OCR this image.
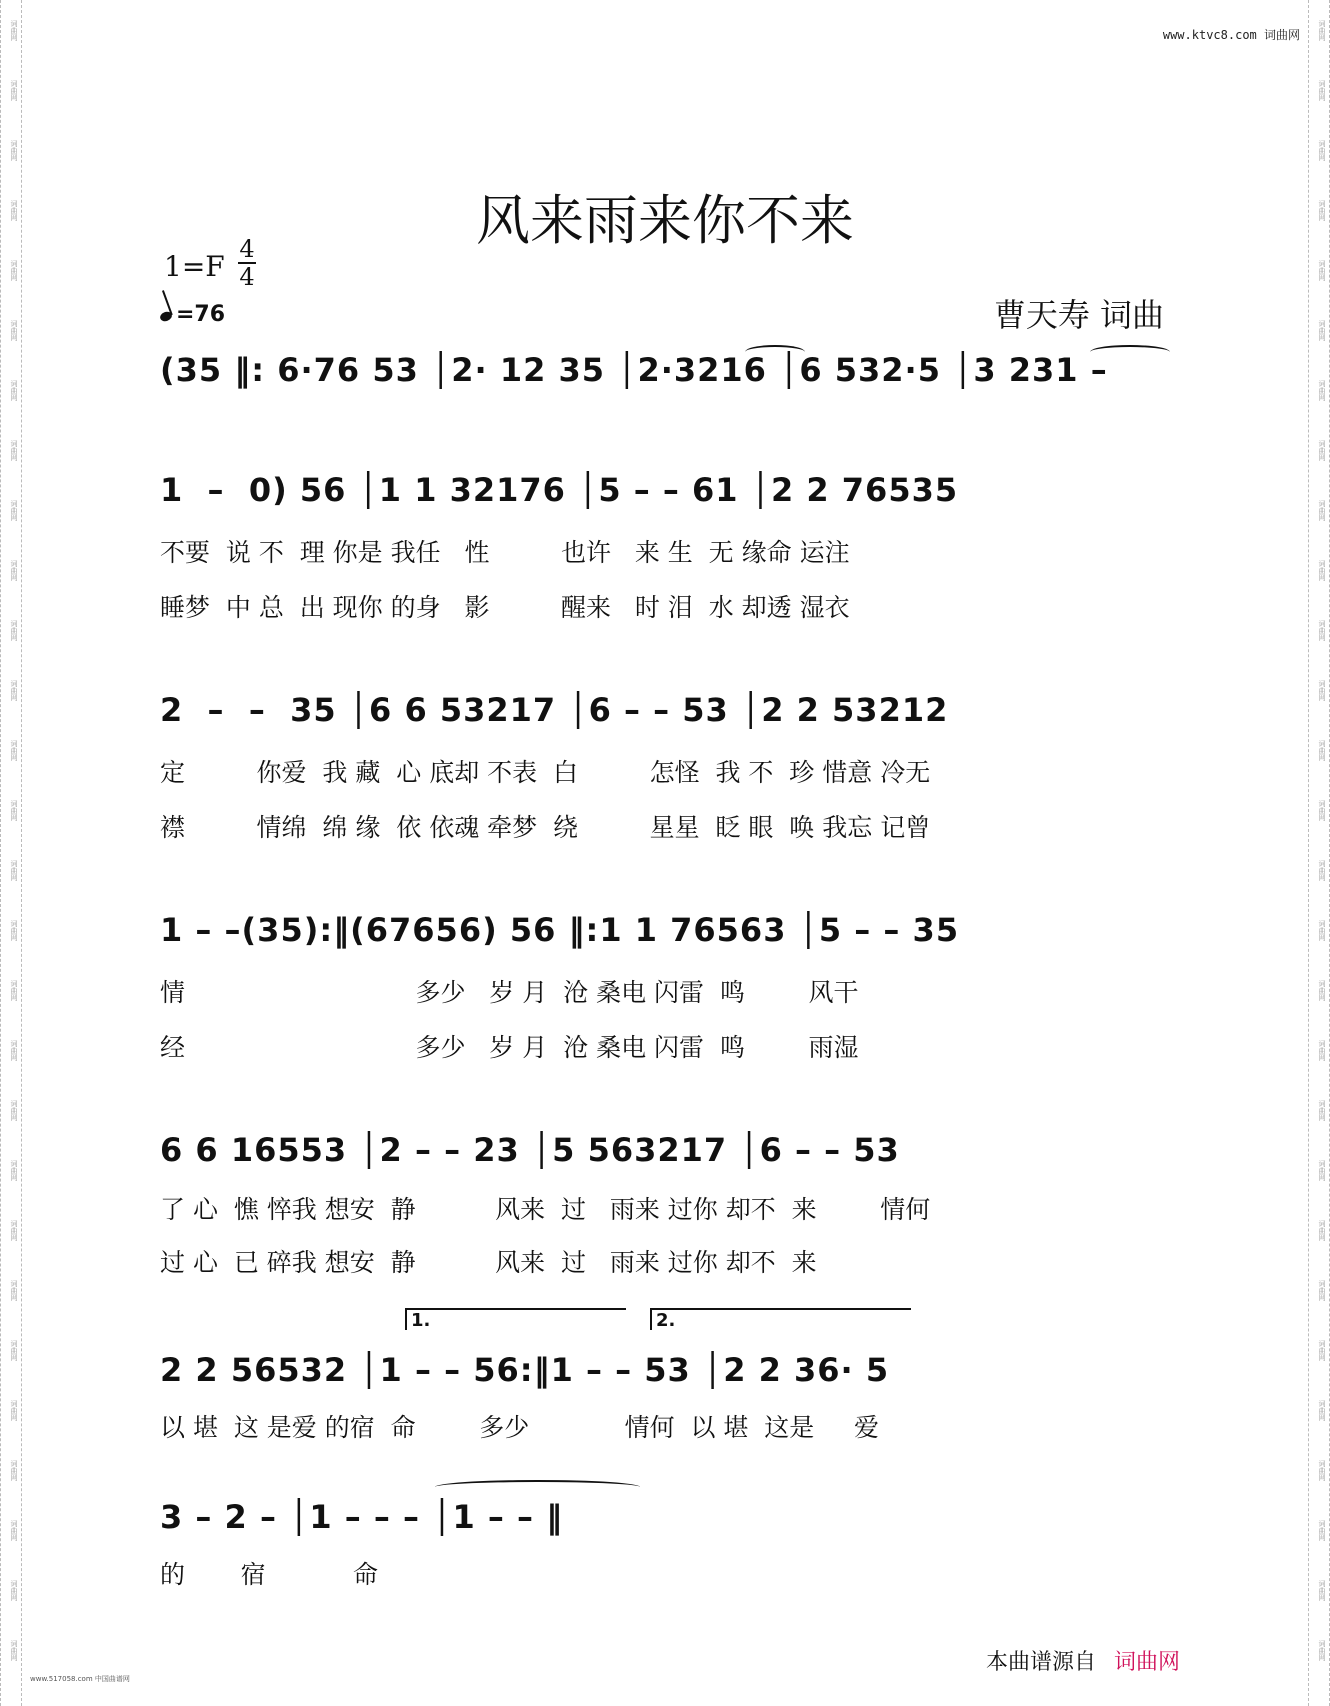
词曲网
词曲网
词曲网
词曲网
词曲网
词曲网
词曲网
词曲网
词曲网
词曲网
词曲网
词曲网
词曲网
词曲网
词曲网
词曲网
词曲网
词曲网
词曲网
词曲网
词曲网
词曲网
词曲网
词曲网
词曲网
词曲网
词曲网
词曲网
词曲网
词曲网
词曲网
词曲网
词曲网
词曲网
词曲网
词曲网
词曲网
词曲网
词曲网
词曲网
词曲网
词曲网
词曲网
词曲网
词曲网
词曲网
词曲网
词曲网
词曲网
词曲网
词曲网
词曲网
词曲网
词曲网
词曲网
词曲网
www.ktvc8.com 词曲网
风来雨来你不来
1=F
4
4
=76	曹天寿 词曲
(35 ‖: 6·76 53 │2· 12 35 │2·3216 │6 532·5 │3 231 –
1  –  0) 56 │1 1 32176 │5 – – 61 │2 2 76535
不要  说 不  理 你是 我任   性         也许   来 生  无 缘命 运注
睡梦  中 总  出 现你 的身   影         醒来   时 泪  水 却透 湿衣
2  –  –  35 │6 6 53217 │6 – – 53 │2 2 53212
定         你爱  我 藏  心 底却 不表  白         怎怪  我 不  珍 惜意 冷无
襟         情绵  绵 缘  依 依魂 牵梦  绕         星星  眨 眼  唤 我忘 记曾
1 – –(35):‖(67656) 56 ‖:1 1 76563 │5 – – 35
情                             多少   岁 月  沧 桑电 闪雷  鸣        风干
经                             多少   岁 月  沧 桑电 闪雷  鸣        雨湿
6 6 16553 │2 – – 23 │5 563217 │6 – – 53
了 心  憔 悴我 想安  静          风来  过   雨来 过你 却不  来        情何
过 心  已 碎我 想安  静          风来  过   雨来 过你 却不  来
1.	2.
2 2 56532 │1 – – 56:‖1 – – 53 │2 2 36· 5
以 堪  这 是爱 的宿  命        多少            情何  以 堪  这是     爱
3 – 2 – │1 – – – │1 – – ‖
的       宿           命
本曲谱源自 词曲网
www.517058.com 中国曲谱网
